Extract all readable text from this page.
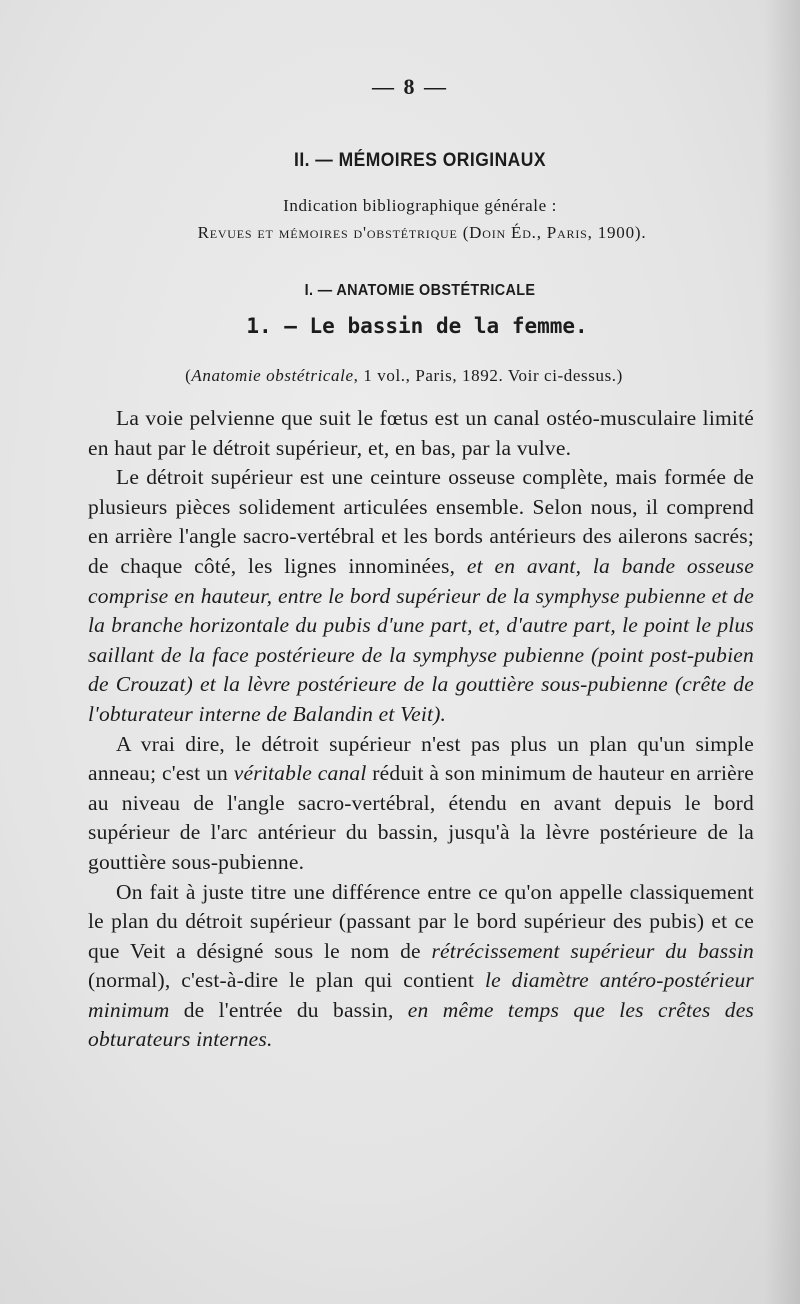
— 8 —
II. — MÉMOIRES ORIGINAUX
Indication bibliographique générale :
Revues et mémoires d'obstétrique (Doin Éd., Paris, 1900).
I. — ANATOMIE OBSTÉTRICALE
1. — Le bassin de la femme.
(Anatomie obstétricale, 1 vol., Paris, 1892. Voir ci-dessus.)

La voie pelvienne que suit le fœtus est un canal ostéo-musculaire limité en haut par le détroit supérieur, et, en bas, par la vulve.

Le détroit supérieur est une ceinture osseuse complète, mais formée de plusieurs pièces solidement articulées ensemble. Selon nous, il comprend en arrière l'angle sacro-vertébral et les bords antérieurs des ailerons sacrés; de chaque côté, les lignes innominées, et en avant, la bande osseuse comprise en hauteur, entre le bord supérieur de la symphyse pubienne et de la branche horizontale du pubis d'une part, et, d'autre part, le point le plus saillant de la face postérieure de la symphyse pubienne (point post-pubien de Crouzat) et la lèvre postérieure de la gouttière sous-pubienne (crête de l'obturateur interne de Balandin et Veit).

A vrai dire, le détroit supérieur n'est pas plus un plan qu'un simple anneau; c'est un véritable canal réduit à son minimum de hauteur en arrière au niveau de l'angle sacro-vertébral, étendu en avant depuis le bord supérieur de l'arc antérieur du bassin, jusqu'à la lèvre postérieure de la gouttière sous-pubienne.

On fait à juste titre une différence entre ce qu'on appelle classiquement le plan du détroit supérieur (passant par le bord supérieur des pubis) et ce que Veit a désigné sous le nom de rétrécissement supérieur du bassin (normal), c'est-à-dire le plan qui contient le diamètre antéro-postérieur minimum de l'entrée du bassin, en même temps que les crêtes des obturateurs internes.
